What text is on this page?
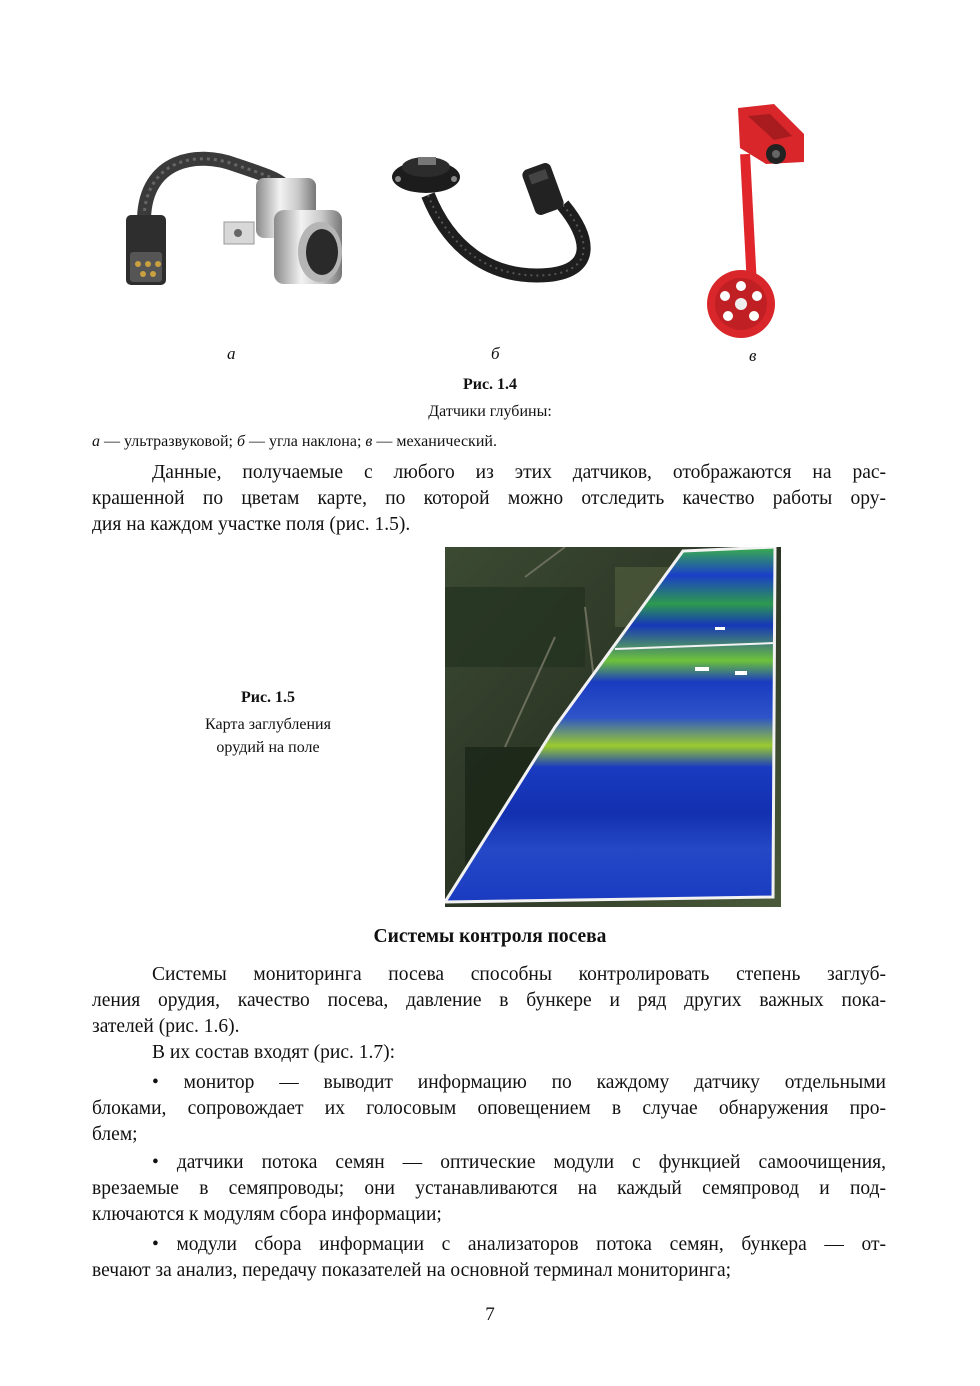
а	б	в
Рис. 1.4
Датчики глубины:
а — ультразвуковой; б — угла наклона; в — механический.
Данные, получаемые с любого из этих датчиков, отображаются на рас-
крашенной по цветам карте, по которой можно отследить качество работы ору-
дия на каждом участке поля (рис. 1.5).
Рис. 1.5
Карта заглубления
орудий на поле
Системы контроля посева
Системы мониторинга посева способны контролировать степень заглуб-
ления орудия, качество посева, давление в бункере и ряд других важных пока-
зателей (рис. 1.6).
В их состав входят (рис. 1.7):
• монитор — выводит информацию по каждому датчику отдельными
блоками, сопровождает их голосовым оповещением в случае обнаружения про-
блем;
• датчики потока семян — оптические модули с функцией самоочищения,
врезаемые в семяпроводы; они устанавливаются на каждый семяпровод и под-
ключаются к модулям сбора информации;
• модули сбора информации с анализаторов потока семян, бункера — от-
вечают за анализ, передачу показателей на основной терминал мониторинга;
7
